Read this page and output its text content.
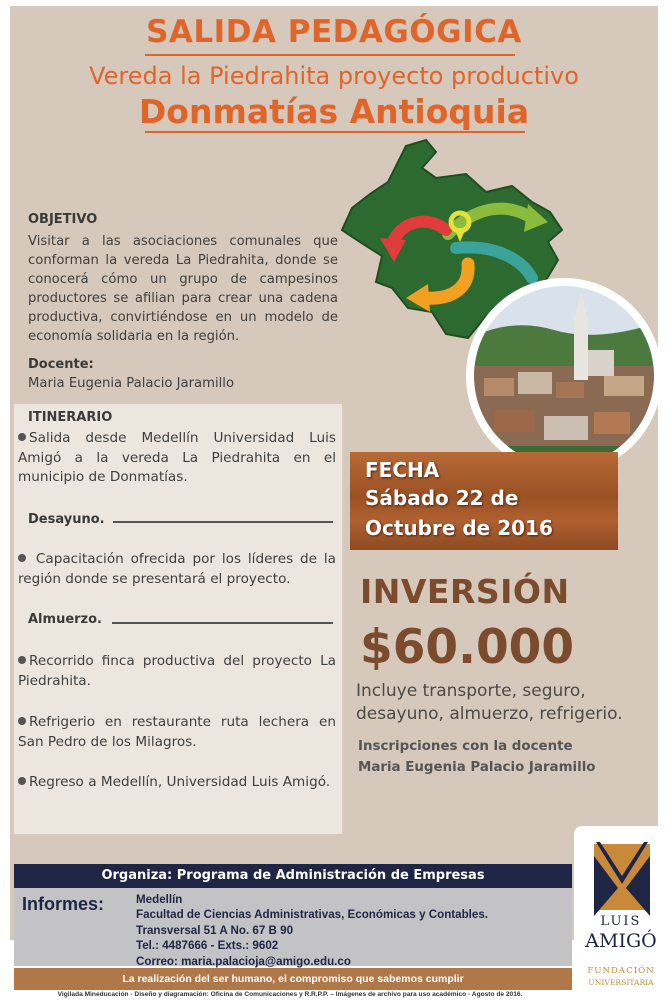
SALIDA PEDAGÓGICA
Vereda la Piedrahita proyecto productivo
Donmatías Antioquia
OBJETIVO
Visitar a las asociaciones comunales que conforman la vereda La Piedrahita, donde se conocerá cómo un grupo de campesinos productores se afilian para crear una cadena productiva, convirtiéndose en un modelo de economía solidaria en la región.
Docente:
Maria Eugenia Palacio Jaramillo
ITINERARIO
Salida desde Medellín Universidad Luis Amigó a la vereda La Piedrahita en el municipio de Donmatías.
Desayuno.
Capacitación ofrecida por los líderes de la región donde se presentará el proyecto.
Almuerzo.
Recorrido finca productiva del proyecto La Piedrahita.
Refrigerio en restaurante ruta lechera en San Pedro de los Milagros.
Regreso a Medellín, Universidad Luis Amigó.
FECHA
Sábado 22 de
Octubre de 2016
INVERSIÓN
$60.000
Incluye transporte, seguro, desayuno, almuerzo, refrigerio.
Inscripciones con la docente
Maria Eugenia Palacio Jaramillo
Organiza: Programa de Administración de Empresas
Informes:	Medellín
Facultad de Ciencias Administrativas, Económicas y Contables.
Transversal 51 A No. 67 B 90
Tel.: 4487666 - Exts.: 9602
Correo: maria.palacioja@amigo.edu.co
La realización del ser humano, el compromiso que sabemos cumplir
Vigilada Mineducación - Diseño y diagramación: Oficina de Comunicaciones y R.R.P.P. – Imágenes de archivo para uso académico - Agosto de 2016.
LUIS
AMIGÓ
FUNDACIÓN
UNIVERSITARIA
